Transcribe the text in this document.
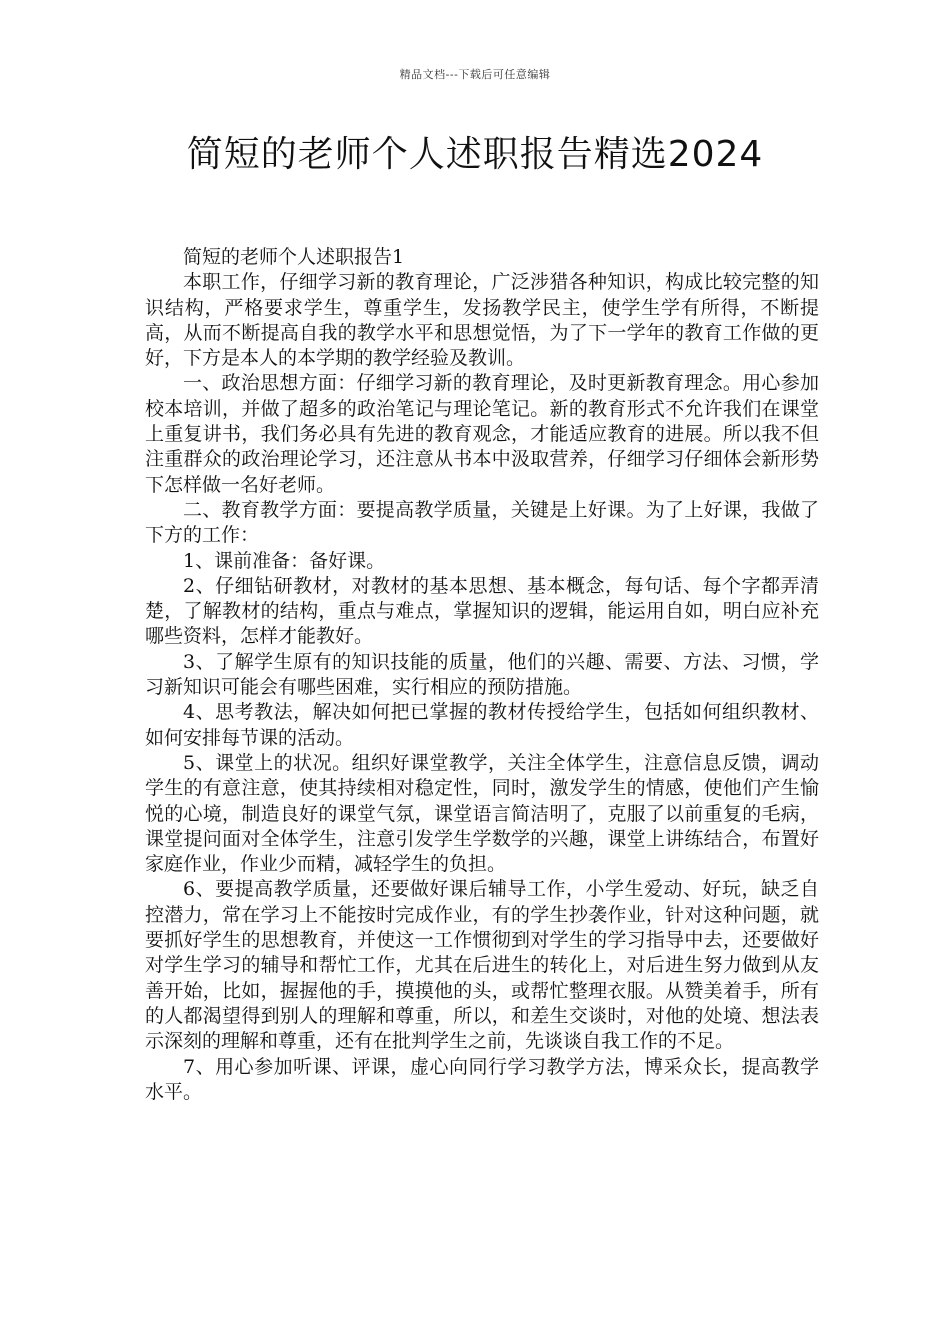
精品文档---下载后可任意编辑
简短的老师个人述职报告精选2024

简短的老师个人述职报告1

本职工作，仔细学习新的教育理论，广泛涉猎各种知识，构成比较完整的知识结构，严格要求学生，尊重学生，发扬教学民主，使学生学有所得，不断提高，从而不断提高自我的教学水平和思想觉悟，为了下一学年的教育工作做的更好，下方是本人的本学期的教学经验及教训。

一、政治思想方面：仔细学习新的教育理论，及时更新教育理念。用心参加校本培训，并做了超多的政治笔记与理论笔记。新的教育形式不允许我们在课堂上重复讲书，我们务必具有先进的教育观念，才能适应教育的进展。所以我不但注重群众的政治理论学习，还注意从书本中汲取营养，仔细学习仔细体会新形势下怎样做一名好老师。

二、教育教学方面：要提高教学质量，关键是上好课。为了上好课，我做了下方的工作：

1、课前准备：备好课。

2、仔细钻研教材，对教材的基本思想、基本概念，每句话、每个字都弄清楚，了解教材的结构，重点与难点，掌握知识的逻辑，能运用自如，明白应补充哪些资料，怎样才能教好。

3、了解学生原有的知识技能的质量，他们的兴趣、需要、方法、习惯，学习新知识可能会有哪些困难，实行相应的预防措施。

4、思考教法，解决如何把已掌握的教材传授给学生，包括如何组织教材、如何安排每节课的活动。

5、课堂上的状况。组织好课堂教学，关注全体学生，注意信息反馈，调动学生的有意注意，使其持续相对稳定性，同时，激发学生的情感，使他们产生愉悦的心境，制造良好的课堂气氛，课堂语言简洁明了，克服了以前重复的毛病，课堂提问面对全体学生，注意引发学生学数学的兴趣，课堂上讲练结合，布置好家庭作业，作业少而精，减轻学生的负担。

6、要提高教学质量，还要做好课后辅导工作，小学生爱动、好玩，缺乏自控潜力，常在学习上不能按时完成作业，有的学生抄袭作业，针对这种问题，就要抓好学生的思想教育，并使这一工作惯彻到对学生的学习指导中去，还要做好对学生学习的辅导和帮忙工作，尤其在后进生的转化上，对后进生努力做到从友善开始，比如，握握他的手，摸摸他的头，或帮忙整理衣服。从赞美着手，所有的人都渴望得到别人的理解和尊重，所以，和差生交谈时，对他的处境、想法表示深刻的理解和尊重，还有在批判学生之前，先谈谈自我工作的不足。

7、用心参加听课、评课，虚心向同行学习教学方法，博采众长，提高教学水平。
